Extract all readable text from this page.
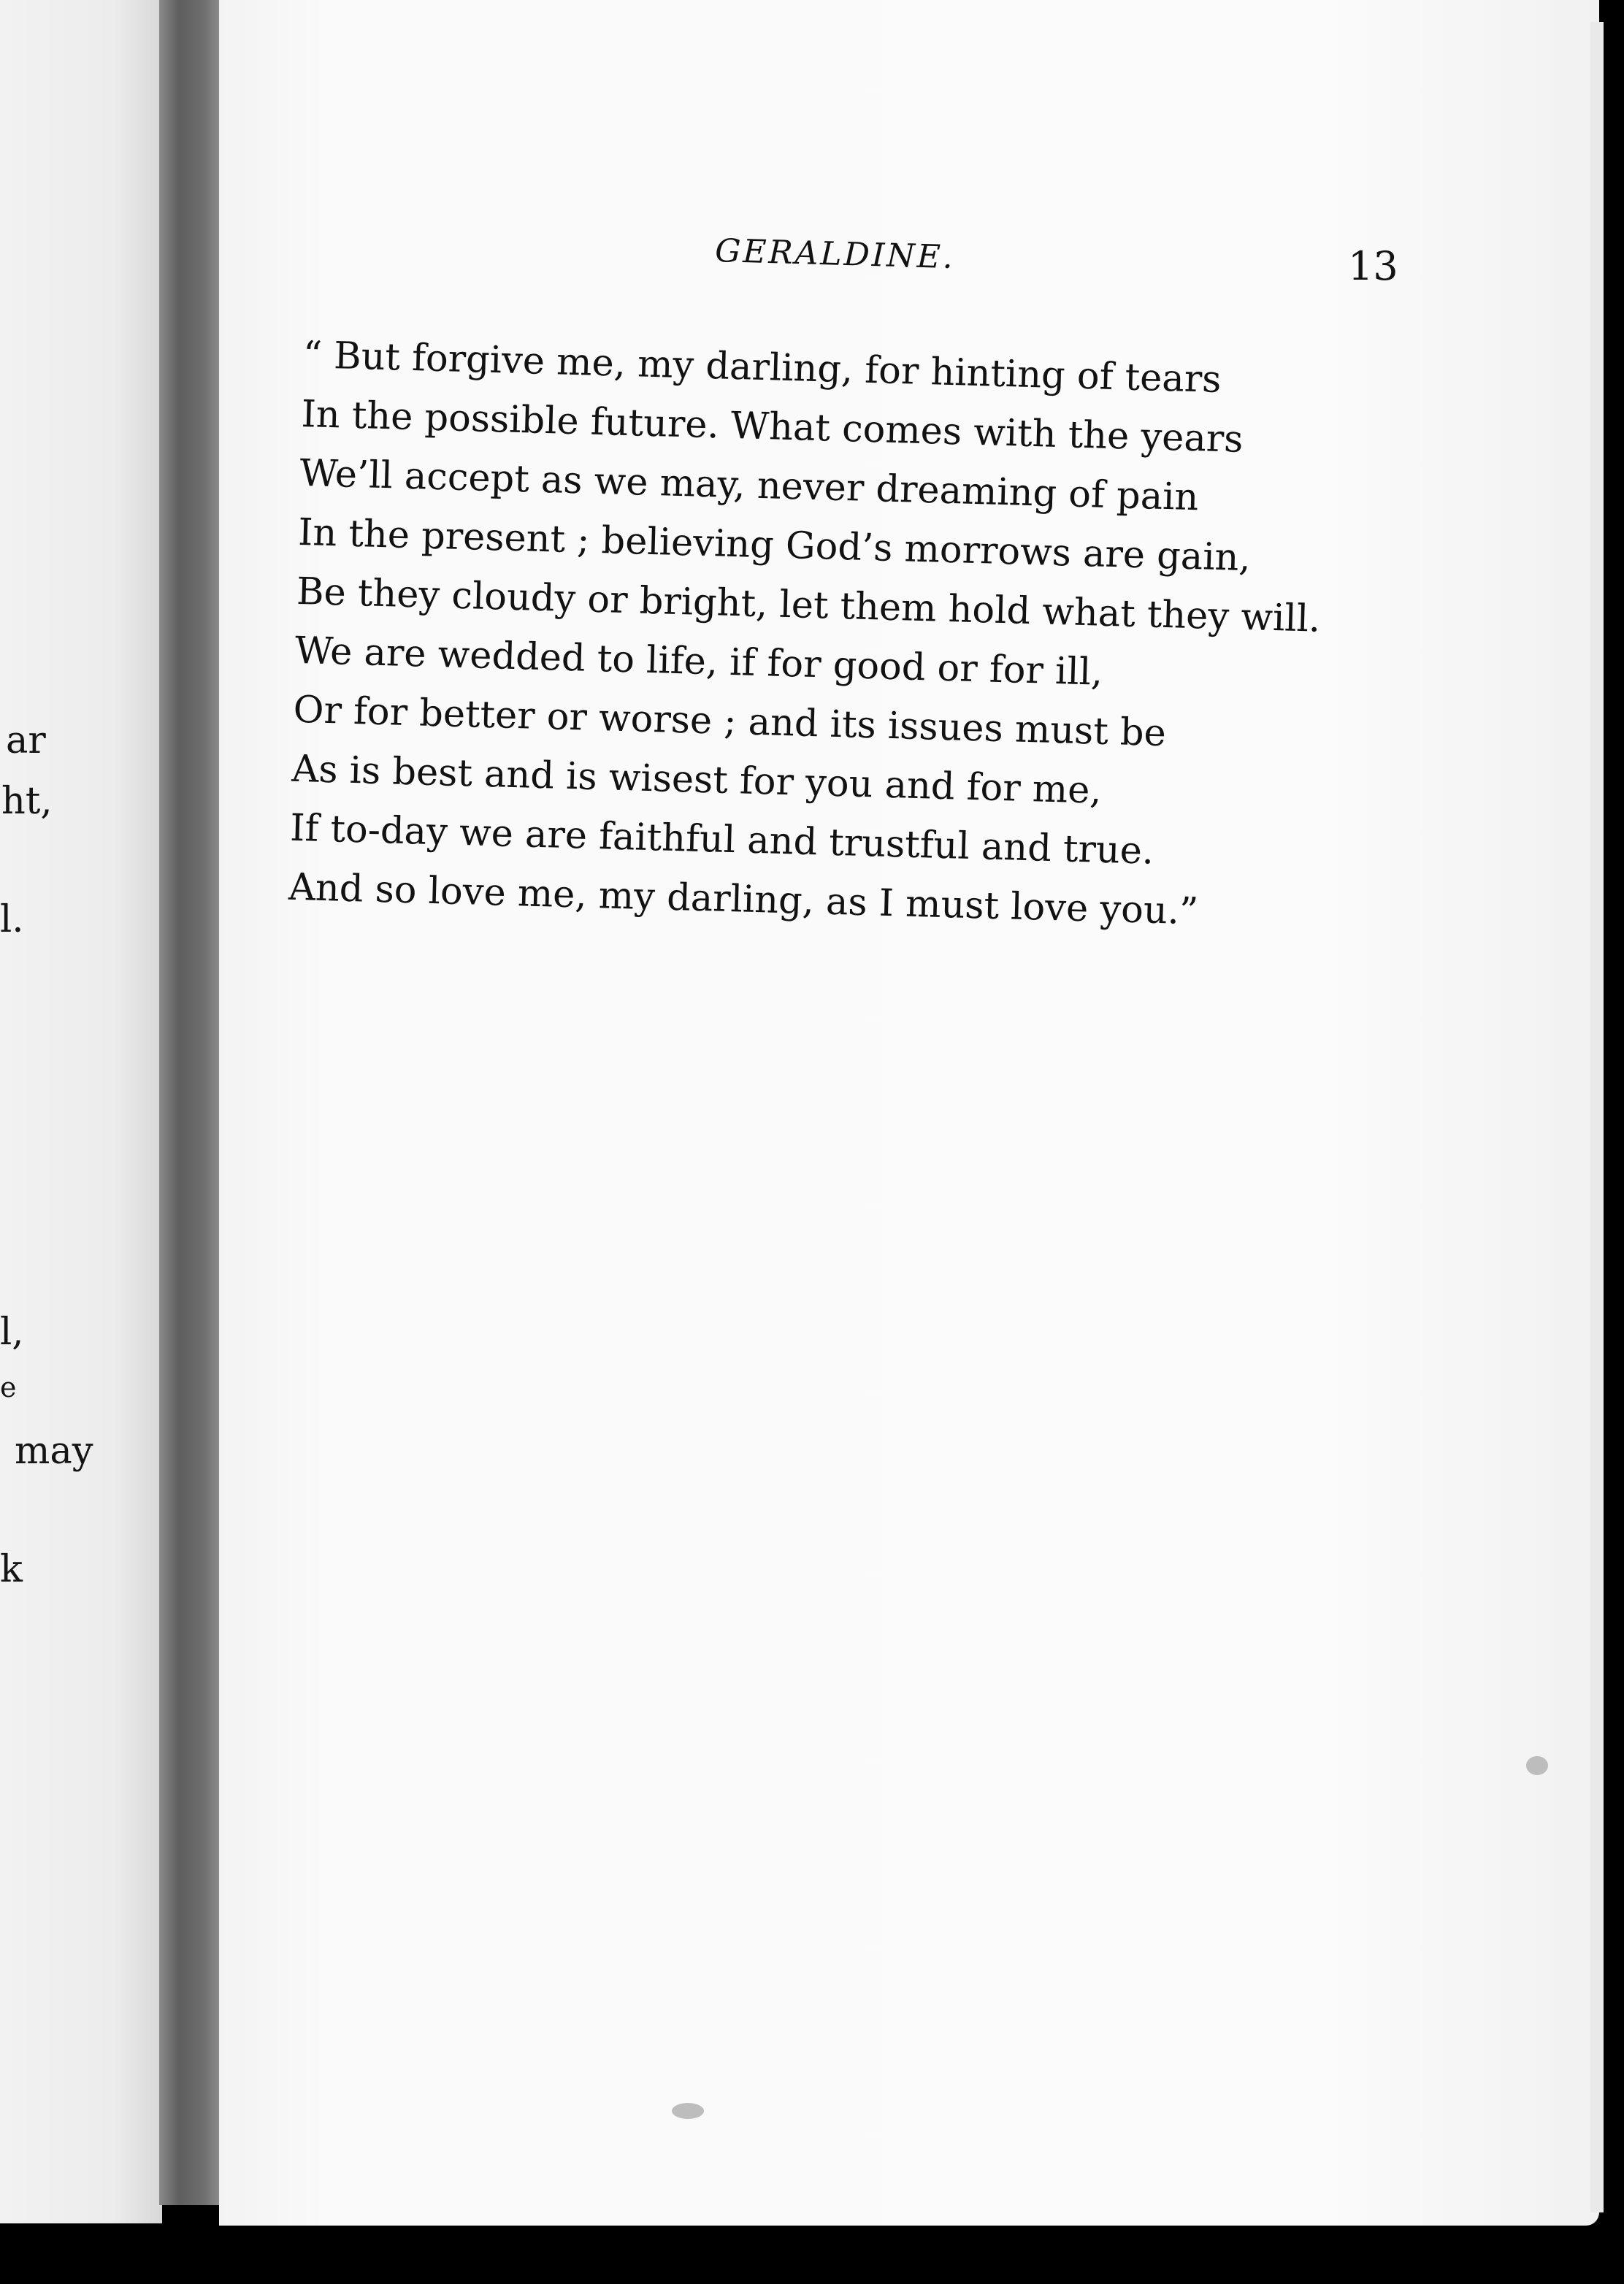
ar
ht,
l.
l,
e
may
k
GERALDINE.	13
“ But forgive me, my darling, for hinting of tears
In the possible future. What comes with the years
We’ll accept as we may, never dreaming of pain
In the present ; believing God’s morrows are gain,
Be they cloudy or bright, let them hold what they will.
We are wedded to life, if for good or for ill,
Or for better or worse ; and its issues must be
As is best and is wisest for you and for me,
If to-day we are faithful and trustful and true.
And so love me, my darling, as I must love you.”
